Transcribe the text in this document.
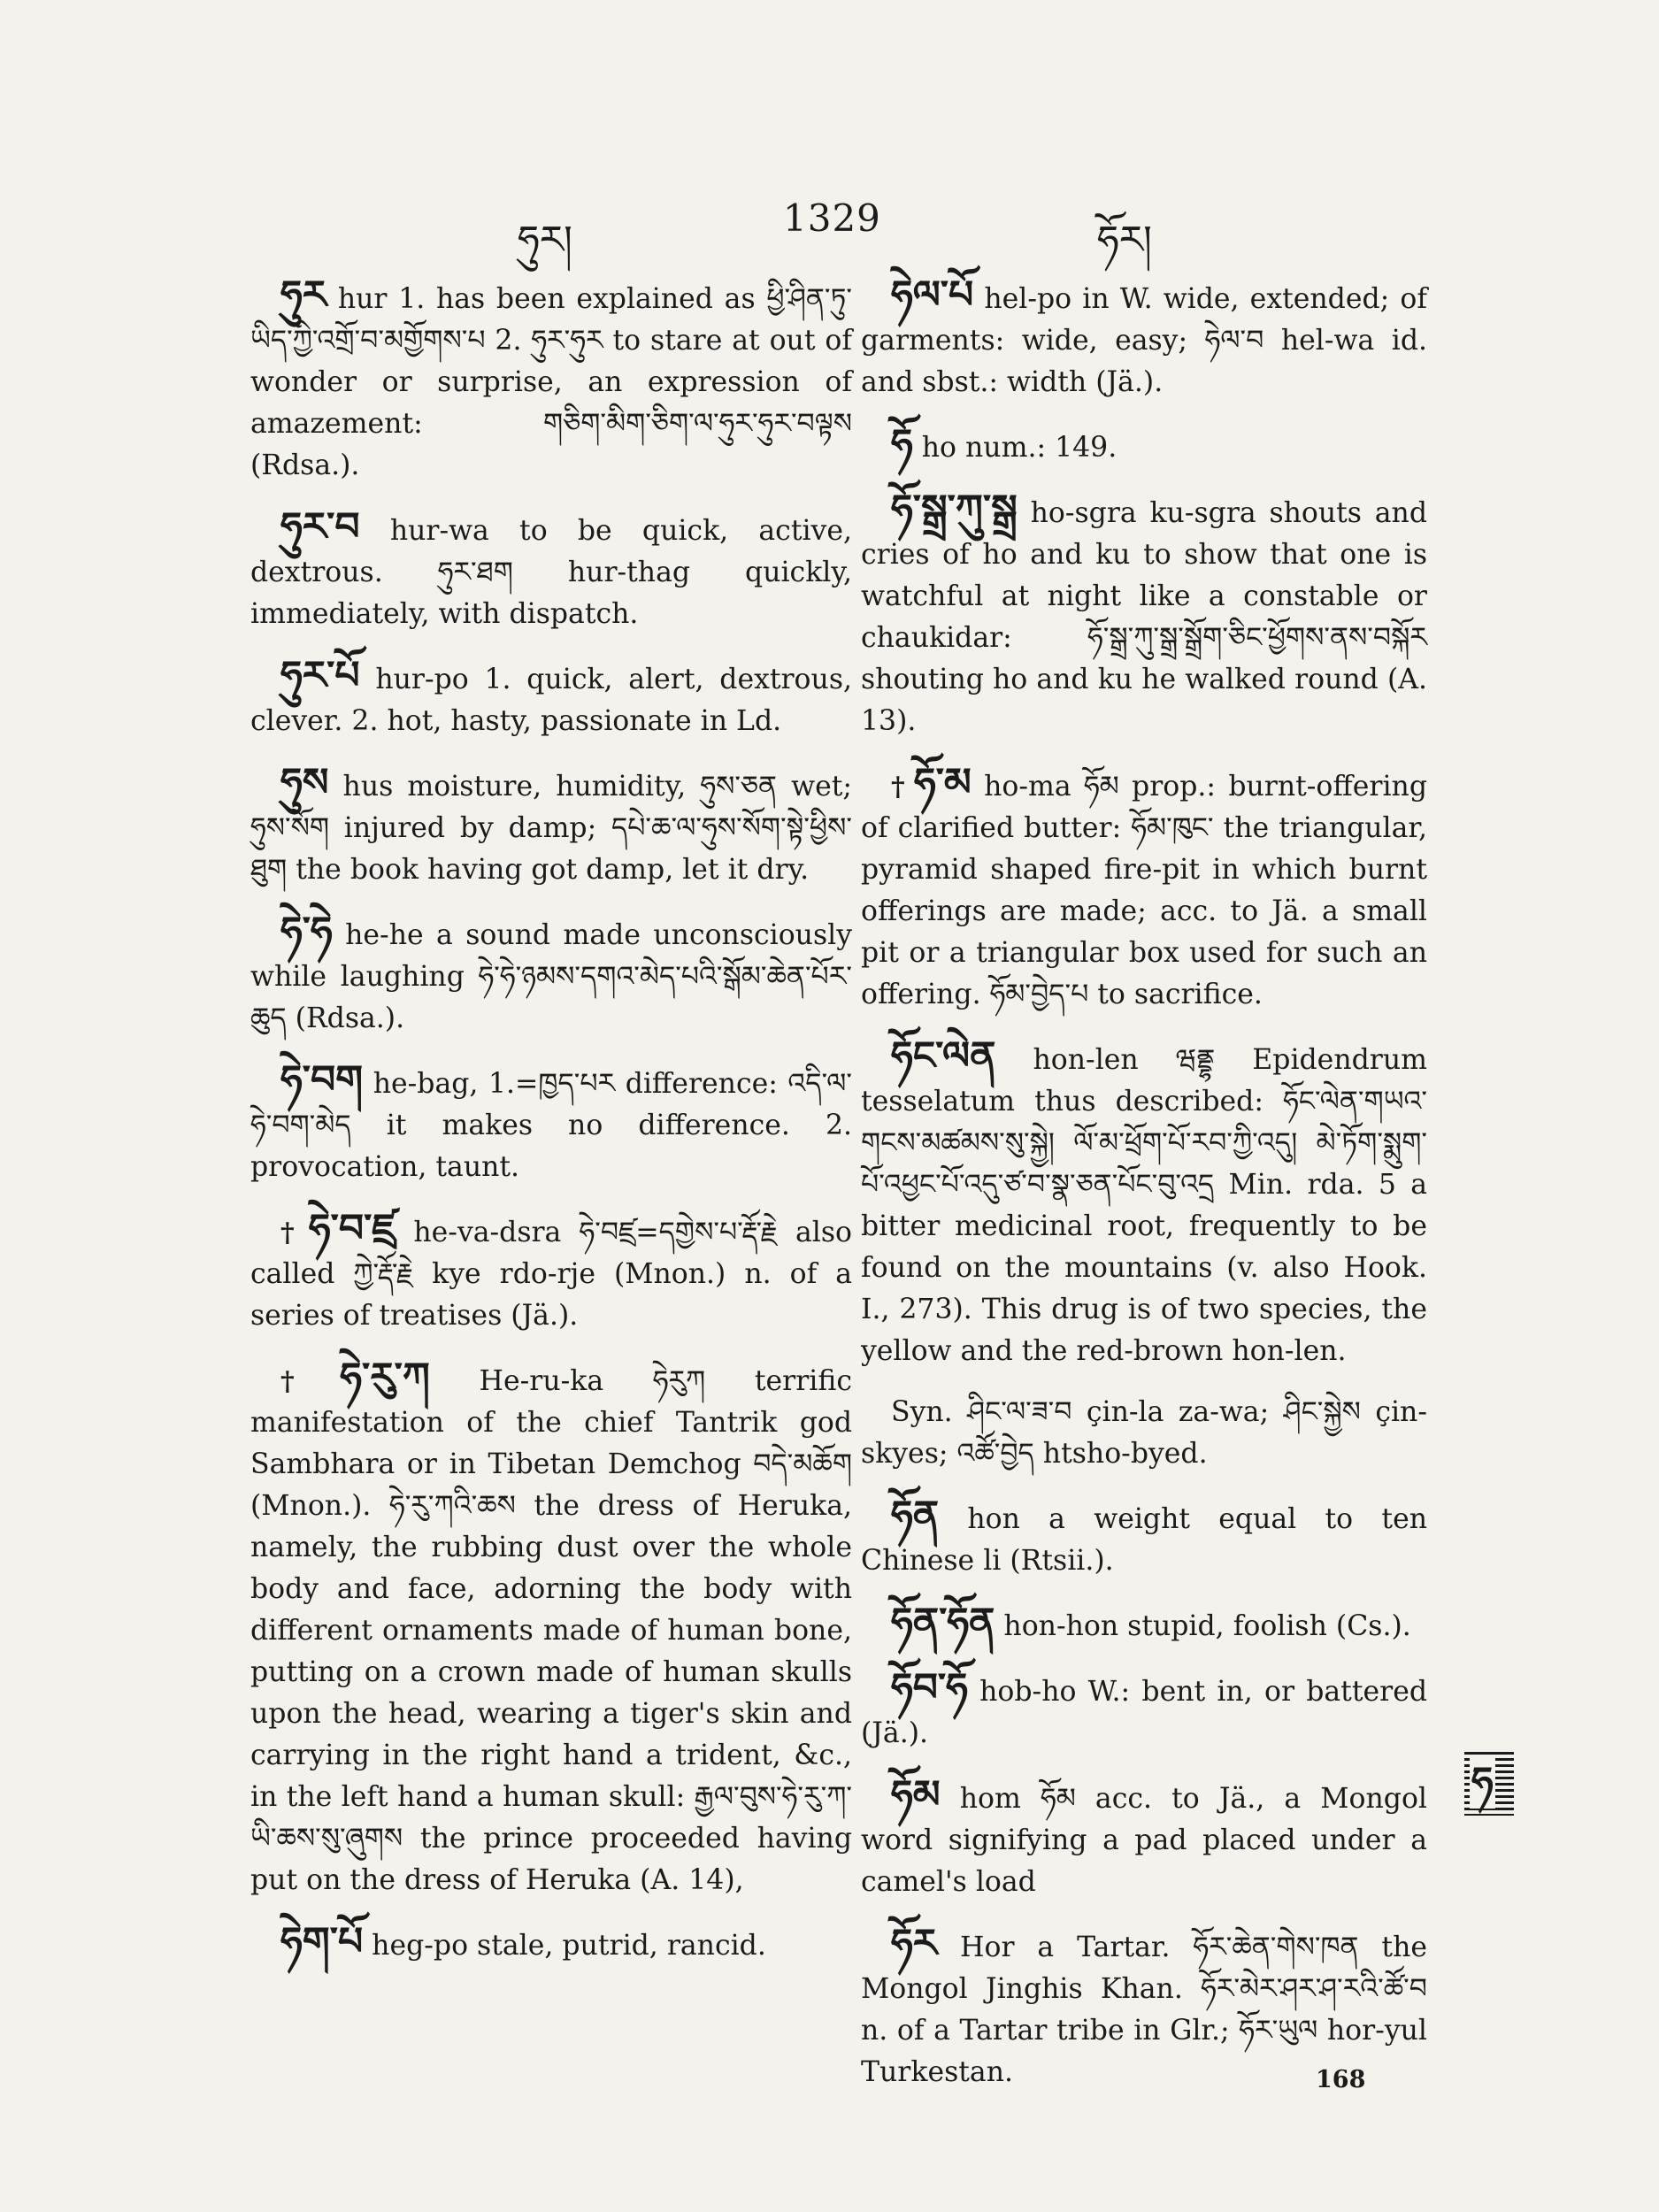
ཧུར།	1329	ཧོར།

ཧུར hur 1. has been explained as ཕྱི་ཤིན་ཏུ་ཡིད་ཀྱི་འགྲོ་བ་མགྱོགས་པ 2. ཧུར་ཧུར to stare at out of wonder or surprise, an expression of amazement: གཅིག་མིག་ཅིག་ལ་ཧུར་ཧུར་བལྟས (Rdsa.).

ཧུར་བ hur-wa to be quick, active, dextrous. ཧུར་ཐག hur-thag quickly, immediately, with dispatch.

ཧུར་པོ hur-po 1. quick, alert, dextrous, clever. 2. hot, hasty, passionate in Ld.

ཧུས hus moisture, humidity, ཧུས་ཅན wet; ཧུས་སོག injured by damp; དཔེ་ཆ་ལ་ཧུས་སོག་སྟེ་ཕྱིས་ཐུག the book having got damp, let it dry.

ཧེ་ཧེ he-he a sound made unconsciously while laughing ཧེ་ཧེ་ཉམས་དགའ་མེད་པའི་སྒོམ་ཆེན་པོར་ཆུད (Rdsa.).

ཧེ་བག he-bag, 1.=ཁྱད་པར difference: འདི་ལ་ཧེ་བག་མེད it makes no difference. 2. provocation, taunt.

† ཧེ་བ་ཛྲ he-va-dsra ཧེ་བཛྲ=དགྱེས་པ་རྡོ་རྗེ also called ཀྱེ་རྡོ་རྗེ kye rdo-rje (Mnon.) n. of a series of treatises (Jä.).

† ཧེ་རུ་ཀ He-ru-ka ཧེརུཀ terrific manifestation of the chief Tantrik god Sambhara or in Tibetan Demchog བདེ་མཆོག (Mnon.). ཧེ་རུ་ཀའི་ཆས the dress of Heruka, namely, the rubbing dust over the whole body and face, adorning the body with different ornaments made of human bone, putting on a crown made of human skulls upon the head, wearing a tiger's skin and carrying in the right hand a trident, &c., in the left hand a human skull: རྒྱལ་བུས་ཧེ་རུ་ཀ་ཡི་ཆས་སུ་ཞུགས the prince proceeded having put on the dress of Heruka (A. 14),

ཧེག་པོ heg-po stale, putrid, rancid.

ཧེལ་པོ hel-po in W. wide, extended; of garments: wide, easy; ཧེལ་བ hel-wa id. and sbst.: width (Jä.).

ཧོ ho num.: 149.

ཧོ་སྒྲ་ཀུ་སྒྲ ho-sgra ku-sgra shouts and cries of ho and ku to show that one is watchful at night like a constable or chaukidar: ཧོ་སྒྲ་ཀུ་སྒྲ་སྒྲོག་ཅིང་ཕྱོགས་ནས་བསྐོར shouting ho and ku he walked round (A. 13).

† ཧོ་མ ho-ma ཧོམ prop.: burnt-offering of clarified butter: ཧོམ་ཁུང་ the triangular, pyramid shaped fire-pit in which burnt offerings are made; acc. to Jä. a small pit or a triangular box used for such an offering. ཧོམ་བྱེད་པ to sacrifice.

ཧོང་ལེན hon-len ཝནྡྷ Epidendrum tesselatum thus described: ཧོང་ལེན་གཡའ་གངས་མཚམས་སུ་སྐྱེ། ལོ་མ་ཕྲོག་པོ་རབ་ཀྱི་འདུ། མེ་ཏོག་སྨུག་པོ་འཕྱང་པོ་འདུ་ཙ་བ་སྣ་ཅན་པོང་བུ་འདྲ Min. rda. 5 a bitter medicinal root, frequently to be found on the mountains (v. also Hook. I., 273). This drug is of two species, the yellow and the red-brown hon-len.

Syn. ཤིང་ལ་ཟ་བ çin-la za-wa; ཤིང་སྐྱེས çin-skyes; འཚོ་བྱེད htsho-byed.

ཧོན hon a weight equal to ten Chinese li (Rtsii.).

ཧོན་ཧོན hon-hon stupid, foolish (Cs.).

ཧོབ་ཧོ hob-ho W.: bent in, or battered (Jä.).

ཧོམ hom ཧོམ acc. to Jä., a Mongol word signifying a pad placed under a camel's load

ཧོར Hor a Tartar. ཧོར་ཆེན་གེས་ཁན the Mongol Jinghis Khan. ཧོར་མེར་ཤར་ཤ་རའི་ཚོ་བ n. of a Tartar tribe in Glr.; ཧོར་ཡུལ hor-yul Turkestan.

ཧ
168
